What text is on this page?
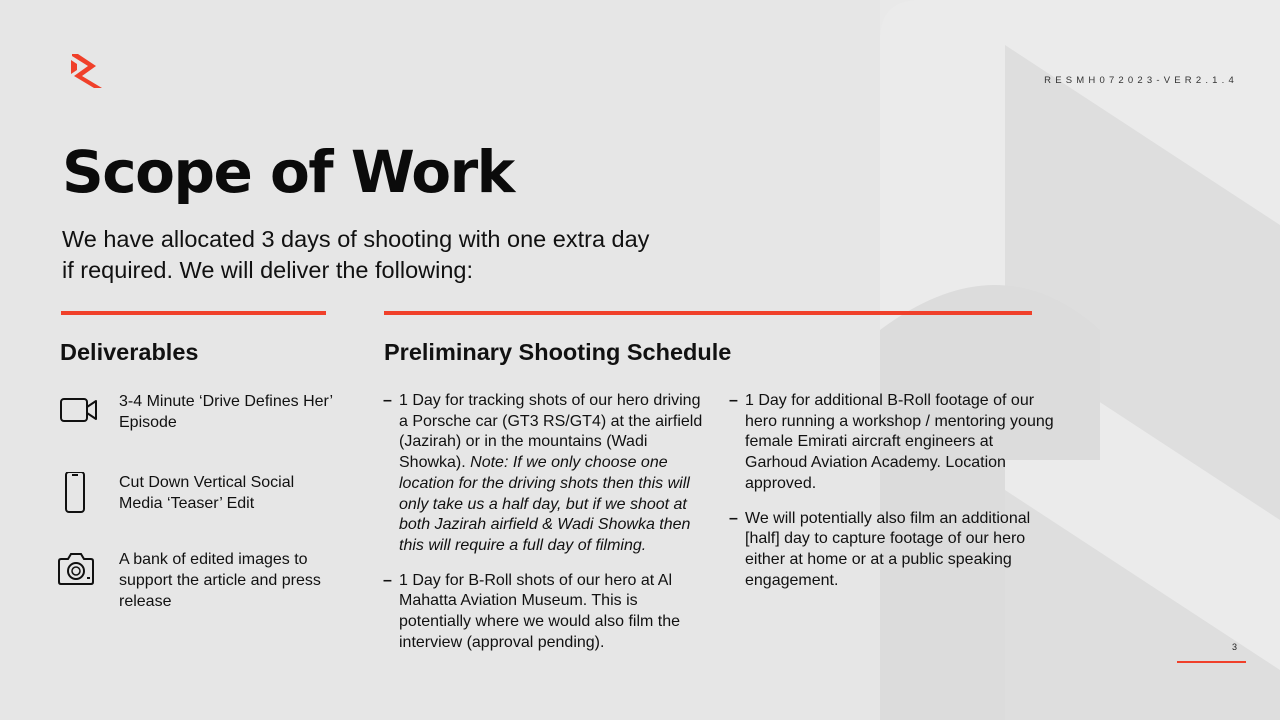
RESMH072023-VER2.1.4
Scope of Work

We have allocated 3 days of shooting with one extra day if required. We will deliver the following:

Deliverables
3-4 Minute ‘Drive Defines Her’ Episode
Cut Down Vertical Social Media ‘Teaser’ Edit
A bank of edited images to support the article and press release
Preliminary Shooting Schedule
– 1 Day for tracking shots of our hero driving a Porsche car (GT3 RS/GT4) at the airfield (Jazirah) or in the mountains (Wadi Showka). Note: If we only choose one location for the driving shots then this will only take us a half day, but if we shoot at both Jazirah airfield & Wadi Showka then this will require a full day of filming.
– 1 Day for B-Roll shots of our hero at Al Mahatta Aviation Museum. This is potentially where we would also film the interview (approval pending).
– 1 Day for additional B-Roll footage of our hero running a workshop / mentoring young female Emirati aircraft engineers at Garhoud Aviation Academy. Location approved.
– We will potentially also film an additional [half] day to capture footage of our hero either at home or at a public speaking engagement.
3
